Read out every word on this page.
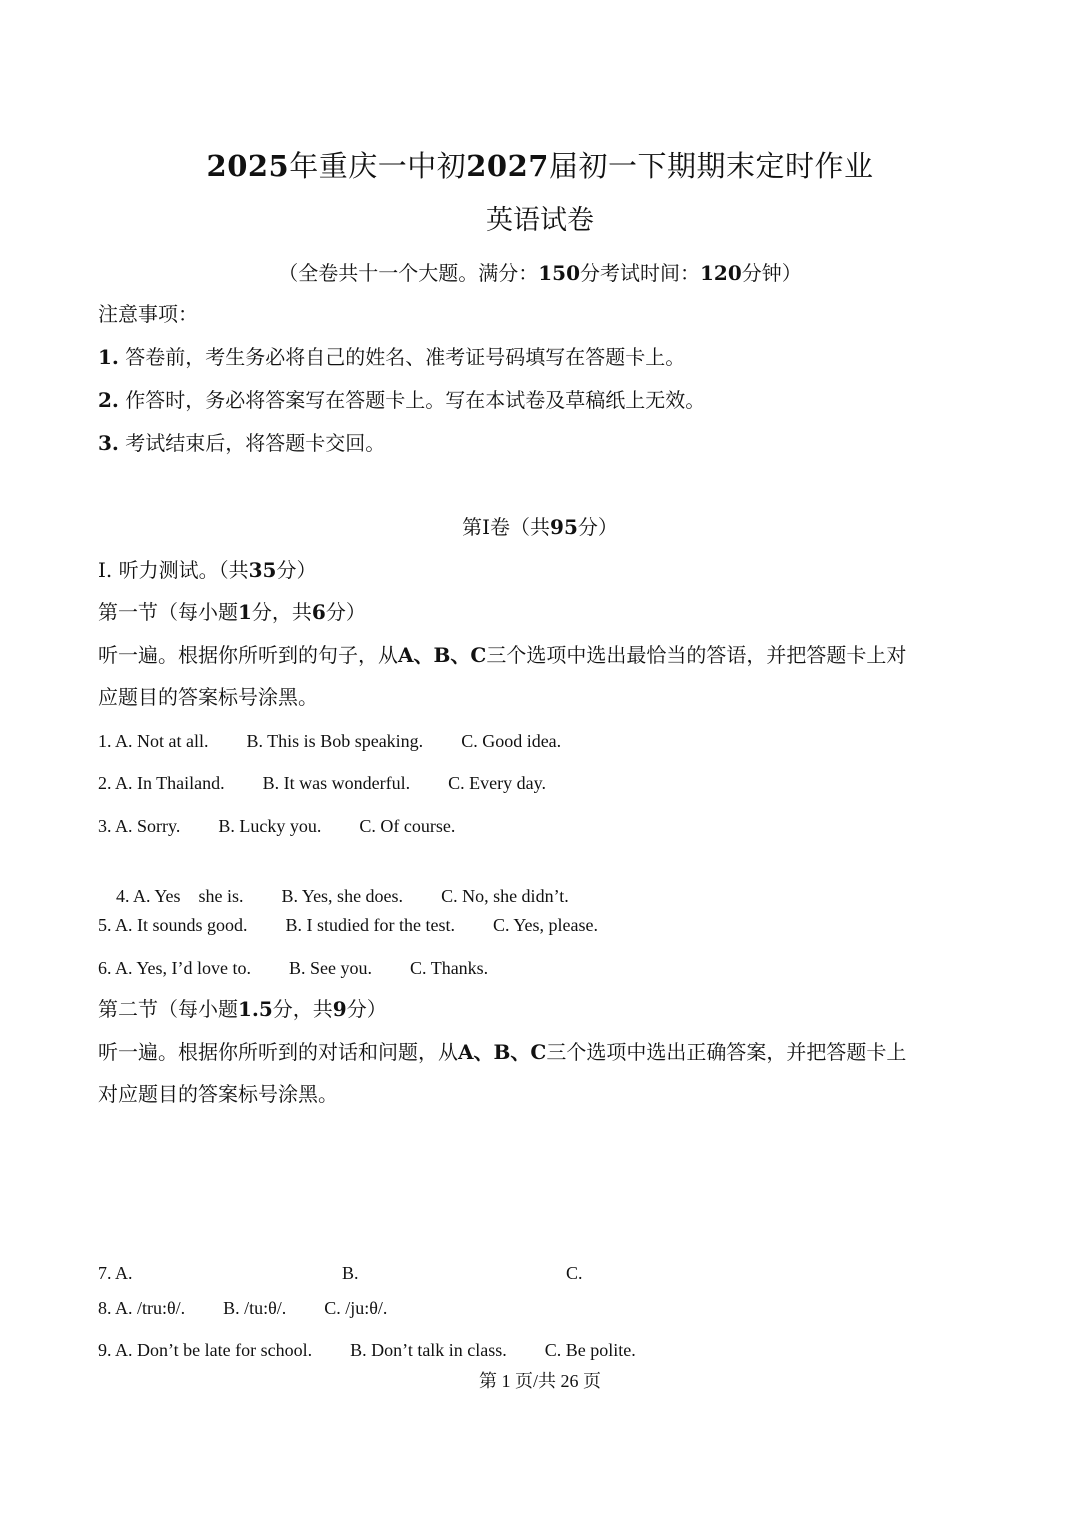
2025年重庆一中初2027届初一下期期末定时作业
英语试卷
（全卷共十一个大题。满分：150分考试时间：120分钟）
注意事项：
1. 答卷前，考生务必将自己的姓名、准考证号码填写在答题卡上。
2. 作答时，务必将答案写在答题卡上。写在本试卷及草稿纸上无效。
3. 考试结束后，将答题卡交回。
第Ⅰ卷（共95分）
Ⅰ. 听力测试。（共35分）
第一节（每小题1分，共6分）
听一遍。根据你所听到的句子，从A、B、C三个选项中选出最恰当的答语，并把答题卡上对
应题目的答案标号涂黑。
1. A. Not at all. B. This is Bob speaking. C. Good idea.
2. A. In Thailand. B. It was wonderful. C. Every day.
3. A. Sorry. B. Lucky you. C. Of course.

4. A. Yes    she is. B. Yes, she does. C. No, she didn’t.

5. A. It sounds good. B. I studied for the test. C. Yes, please.
6. A. Yes, I’d love to. B. See you. C. Thanks.
第二节（每小题1.5分，共9分）
听一遍。根据你所听到的对话和问题，从A、B、C三个选项中选出正确答案，并把答题卡上
对应题目的答案标号涂黑。
7. A.	B.	C.
8. A. /tru:θ/. B. /tu:θ/. C. /ju:θ/.
9. A. Don’t be late for school. B. Don’t talk in class. C. Be polite.
第 1 页/共 26 页
